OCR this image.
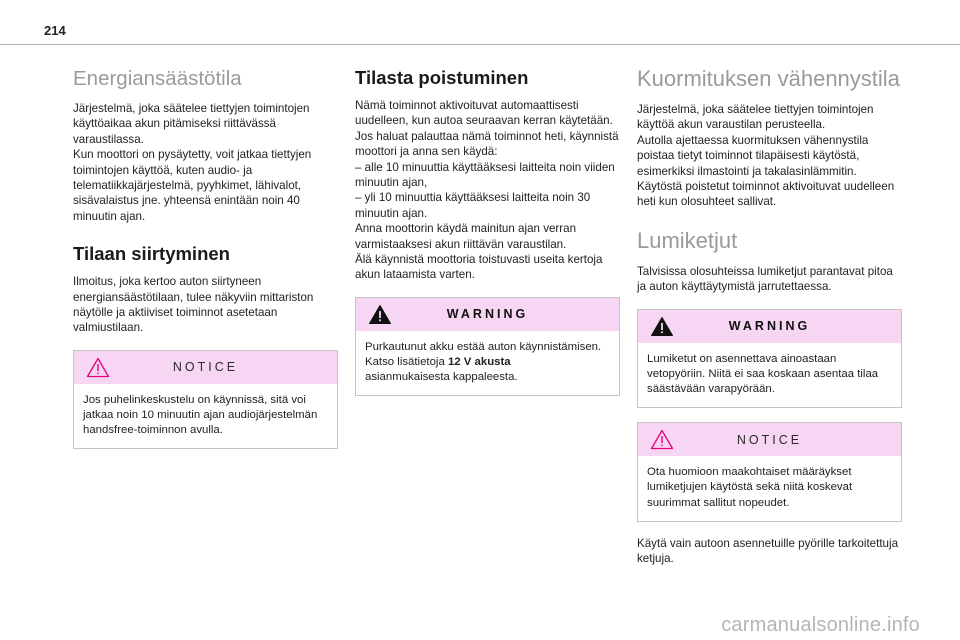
214
Energiansäästötila

Järjestelmä, joka säätelee tiettyjen toimintojen käyttöaikaa akun pitämiseksi riittävässä varaustilassa.
Kun moottori on pysäytetty, voit jatkaa tiettyjen toimintojen käyttöä, kuten audio- ja telematiikkajärjestelmä, pyyhkimet, lähivalot, sisävalaistus jne. yhteensä enintään noin 40 minuutin ajan.

Tilaan siirtyminen

Ilmoitus, joka kertoo auton siirtyneen energiansäästötilaan, tulee näkyviin mittariston näytölle ja aktiiviset toiminnot asetetaan valmiustilaan.

NOTICE

Jos puhelinkeskustelu on käynnissä, sitä voi jatkaa noin 10 minuutin ajan audiojärjestelmän handsfree-toiminnon avulla.

Tilasta poistuminen

Nämä toiminnot aktivoituvat automaattisesti uudelleen, kun autoa seuraavan kerran käytetään.
Jos haluat palauttaa nämä toiminnot heti, käynnistä moottori ja anna sen käydä:
– alle 10 minuuttia käyttääksesi laitteita noin viiden minuutin ajan,
– yli 10 minuuttia käyttääksesi laitteita noin 30 minuutin ajan.
Anna moottorin käydä mainitun ajan verran varmistaaksesi akun riittävän varaustilan.
Älä käynnistä moottoria toistuvasti useita kertoja akun lataamista varten.

WARNING

Purkautunut akku estää auton käynnistämisen.
Katso lisätietoja 12 V akusta
asianmukaisesta kappaleesta.

Kuormituksen vähennystila

Järjestelmä, joka säätelee tiettyjen toimintojen käyttöä akun varaustilan perusteella.
Autolla ajettaessa kuormituksen vähennystila poistaa tietyt toiminnot tilapäisesti käytöstä, esimerkiksi ilmastointi ja takalasinlämmitin.
Käytöstä poistetut toiminnot aktivoituvat uudelleen heti kun olosuhteet sallivat.

Lumiketjut

Talvisissa olosuhteissa lumiketjut parantavat pitoa ja auton käyttäytymistä jarrutettaessa.

WARNING

Lumiketut on asennettava ainoastaan vetopyöriin. Niitä ei saa koskaan asentaa tilaa säästävään varapyörään.

NOTICE

Ota huomioon maakohtaiset määräykset lumiketjujen käytöstä sekä niitä koskevat suurimmat sallitut nopeudet.

Käytä vain autoon asennetuille pyörille tarkoitettuja ketjuja.

carmanualsonline.info
